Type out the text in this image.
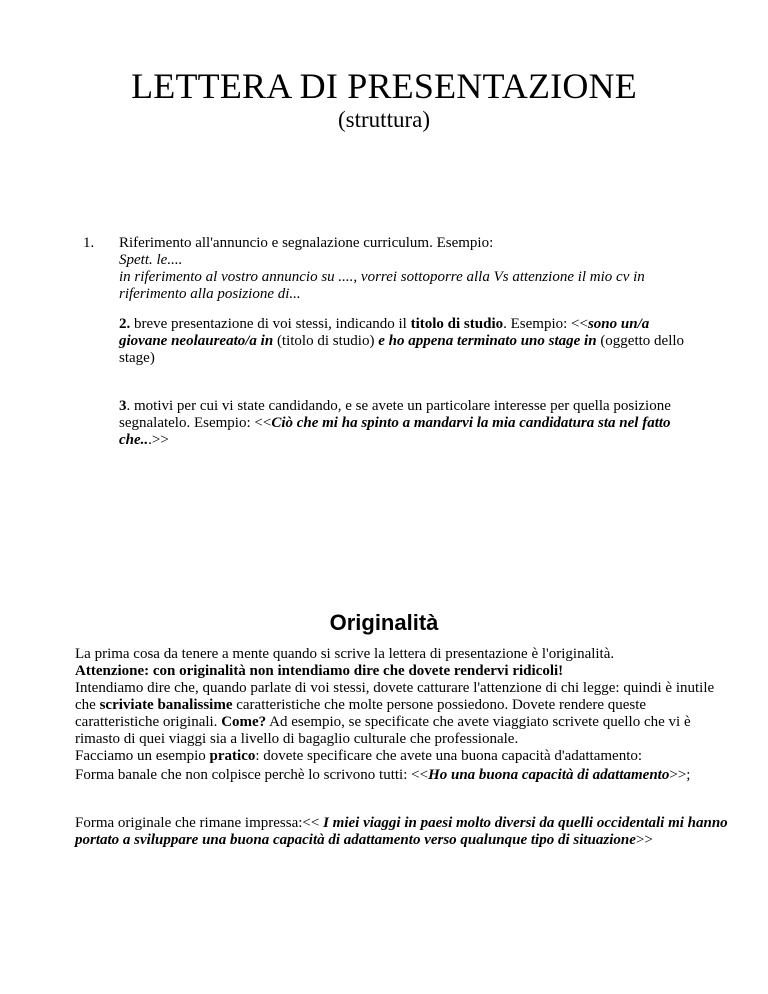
LETTERA DI PRESENTAZIONE
(struttura)
1. Riferimento all'annuncio e segnalazione curriculum. Esempio:

Spett. le....

in riferimento al vostro annuncio su ...., vorrei sottoporre alla Vs attenzione il mio cv in

riferimento alla posizione di...

2. breve presentazione di voi stessi, indicando il titolo di studio. Esempio: <<sono un/a giovane neolaureato/a in (titolo di studio) e ho appena terminato uno stage in (oggetto dello stage)

3. motivi per cui vi state candidando, e se avete un particolare interesse per quella posizione segnalatelo. Esempio: <<Ciò che mi ha spinto a mandarvi la mia candidatura sta nel fatto che...>>

Originalità

La prima cosa da tenere a mente quando si scrive la lettera di presentazione è l'originalità.

Attenzione: con originalità non intendiamo dire che dovete rendervi ridicoli!

Intendiamo dire che, quando parlate di voi stessi, dovete catturare l'attenzione di chi legge: quindi è inutile che scriviate banalissime caratteristiche che molte persone possiedono. Dovete rendere queste caratteristiche originali. Come? Ad esempio, se specificate che avete viaggiato scrivete quello che vi è rimasto di quei viaggi sia a livello di bagaglio culturale che professionale.

Facciamo un esempio pratico: dovete specificare che avete una buona capacità d'adattamento:

Forma banale che non colpisce perchè lo scrivono tutti: <<Ho una buona capacità di adattamento>>;

Forma originale che rimane impressa:<< I miei viaggi in paesi molto diversi da quelli occidentali mi hanno portato a sviluppare una buona capacità di adattamento verso qualunque tipo di situazione>>
